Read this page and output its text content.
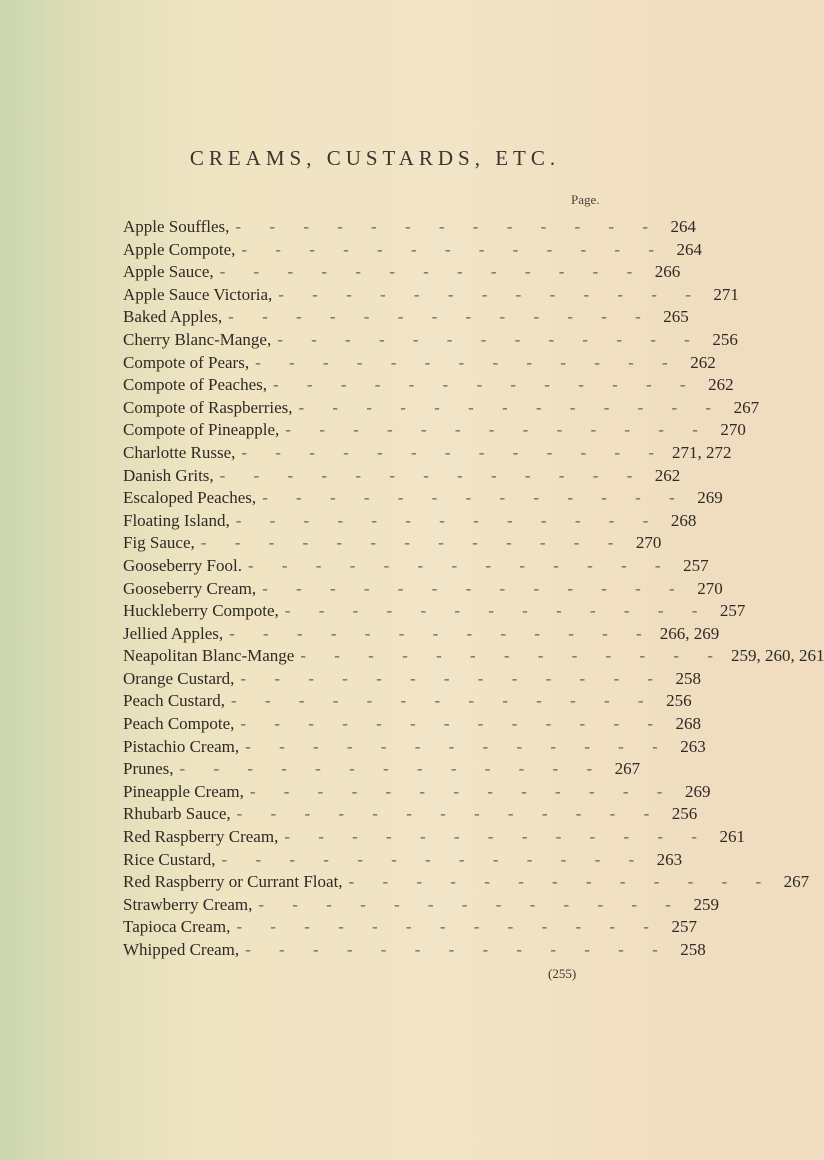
CREAMS, CUSTARDS, ETC.
Page.
Apple Souffles, - - - - - - - - - - - - - 264
Apple Compote, - - - - - - - - - - - - - 264
Apple Sauce, - - - - - - - - - - - - - 266
Apple Sauce Victoria, - - - - - - - - - - - - - 271
Baked Apples, - - - - - - - - - - - - - 265
Cherry Blanc-Mange, - - - - - - - - - - - - - 256
Compote of Pears, - - - - - - - - - - - - - 262
Compote of Peaches, - - - - - - - - - - - - - 262
Compote of Raspberries, - - - - - - - - - - - - - 267
Compote of Pineapple, - - - - - - - - - - - - - 270
Charlotte Russe, - - - - - - - - - - - - - 271, 272
Danish Grits, - - - - - - - - - - - - - 262
Escaloped Peaches, - - - - - - - - - - - - - 269
Floating Island, - - - - - - - - - - - - - 268
Fig Sauce, - - - - - - - - - - - - - 270
Gooseberry Fool. - - - - - - - - - - - - - 257
Gooseberry Cream, - - - - - - - - - - - - - 270
Huckleberry Compote, - - - - - - - - - - - - - 257
Jellied Apples, - - - - - - - - - - - - - 266, 269
Neapolitan Blanc-Mange - - - - - - - - - - - - - 259, 260, 261
Orange Custard, - - - - - - - - - - - - - 258
Peach Custard, - - - - - - - - - - - - - 256
Peach Compote, - - - - - - - - - - - - - 268
Pistachio Cream, - - - - - - - - - - - - - 263
Prunes, - - - - - - - - - - - - - 267
Pineapple Cream, - - - - - - - - - - - - - 269
Rhubarb Sauce, - - - - - - - - - - - - - 256
Red Raspberry Cream, - - - - - - - - - - - - - 261
Rice Custard, - - - - - - - - - - - - - 263
Red Raspberry or Currant Float, - - - - - - - - - - - - - 267
Strawberry Cream, - - - - - - - - - - - - - 259
Tapioca Cream, - - - - - - - - - - - - - 257
Whipped Cream, - - - - - - - - - - - - - 258
(255)
